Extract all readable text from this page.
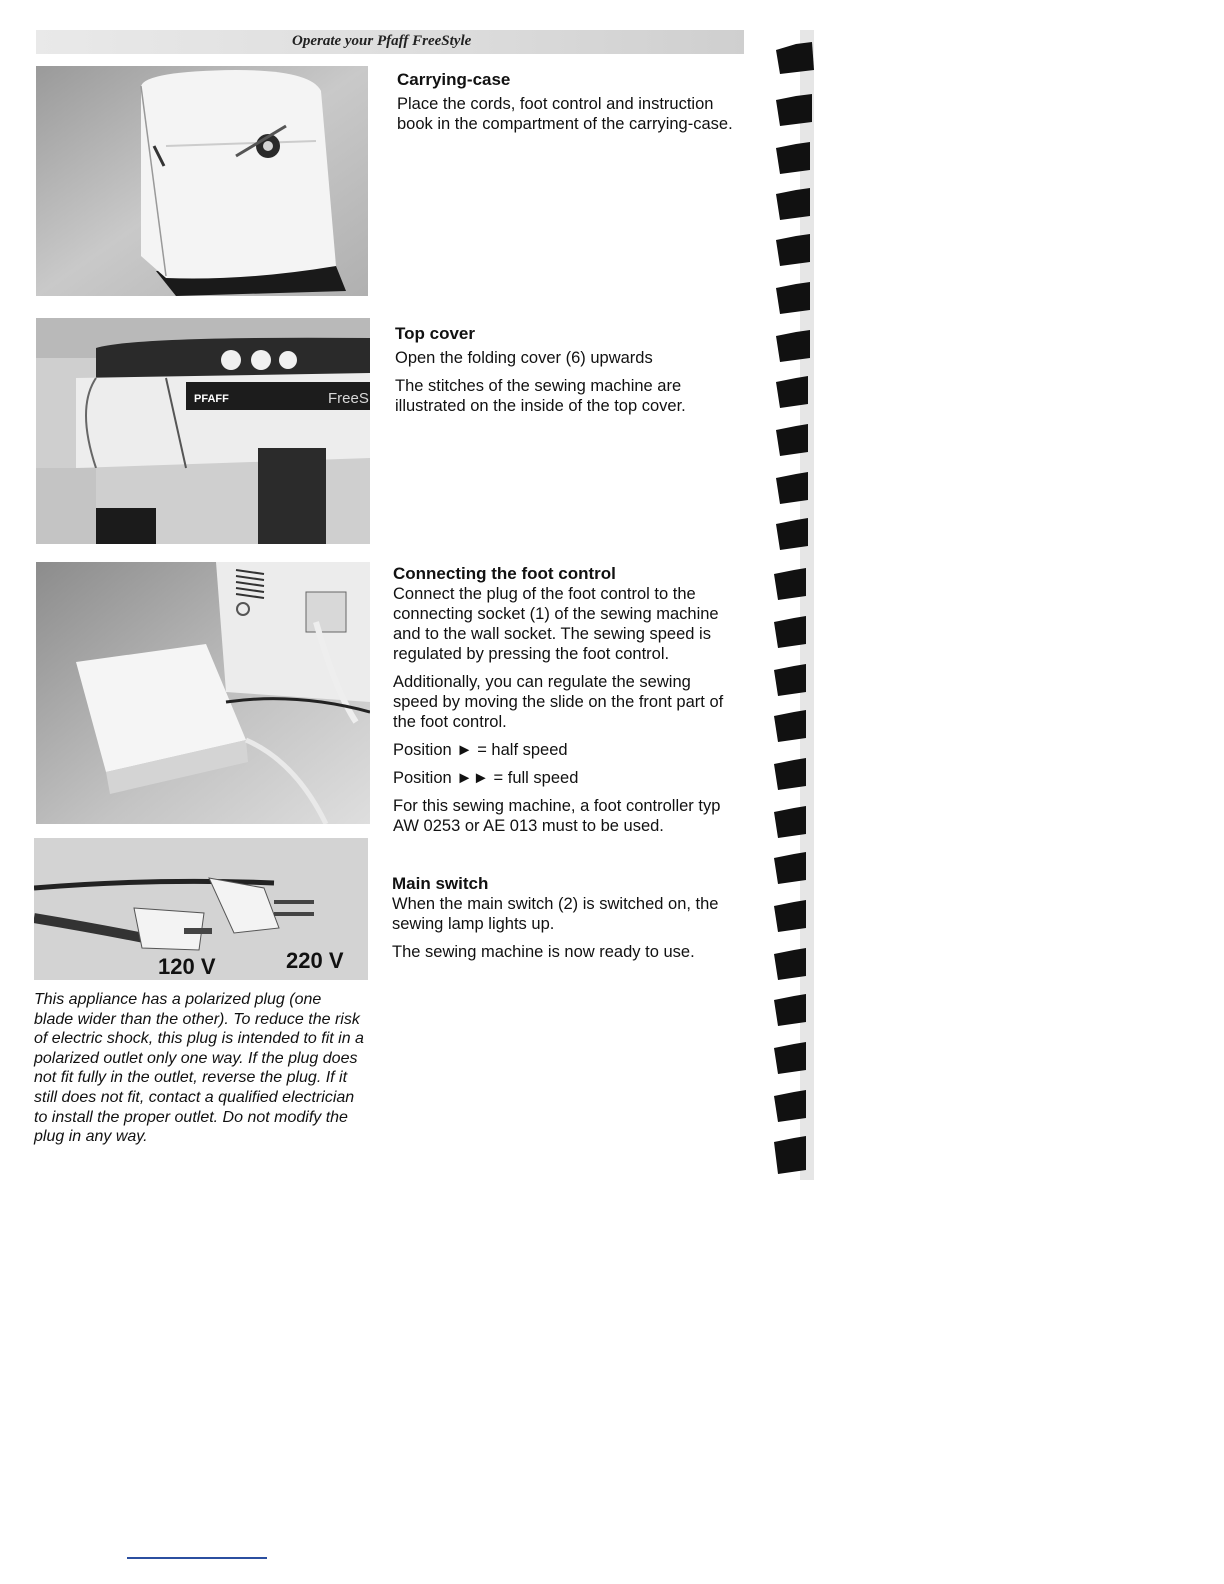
Operate your Pfaff FreeStyle
PFAFF	FreeS
120 V	220 V
Carrying-case

Place the cords, foot control and instruction book in the compartment of the carrying-case.

Top cover

Open the folding cover (6) upwards

The stitches of the sewing machine are illustrated on the inside of the top cover.

Connecting the foot control

Connect the plug of the foot control to the connecting socket (1) of the sewing machine and to the wall socket. The sewing speed is regulated by pressing the foot control.

Additionally, you can regulate the sewing speed by moving the slide on the front part of the foot control.

Position ► = half speed

Position ►► = full speed

For this sewing machine, a foot controller typ AW 0253 or AE 013 must to be used.

Main switch

When the main switch (2) is switched on, the sewing lamp lights up.

The sewing machine is now ready to use.

This appliance has a polarized plug (one blade wider than the other). To reduce the risk of electric shock, this plug is intended to fit in a polarized outlet only one way. If the plug does not fit fully in the outlet, reverse the plug. If it still does not fit, contact a qualified electrician to install the proper outlet. Do not modify the plug in any way.
